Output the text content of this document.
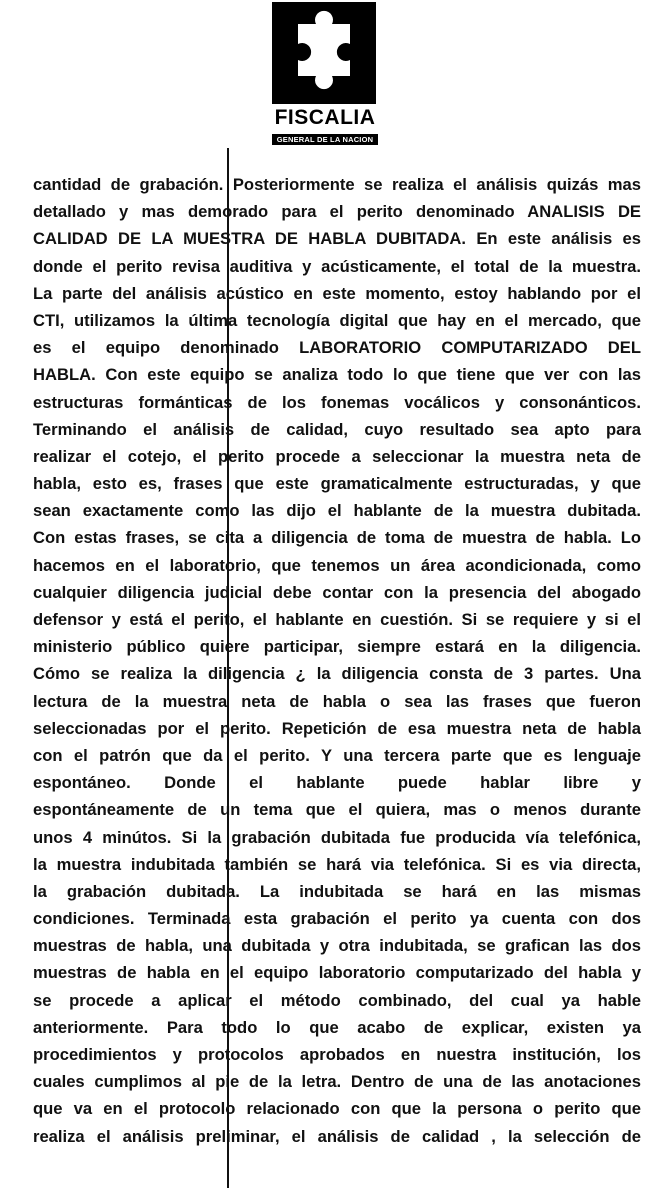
FISCALIA
GENERAL DE LA NACION
cantidad de grabación. Posteriormente se realiza el análisis quizás mas
detallado y mas demorado para el perito denominado ANALISIS DE
CALIDAD DE LA MUESTRA DE HABLA DUBITADA. En este análisis es
donde el perito revisa auditiva y acústicamente, el total de la muestra.
La parte del análisis acústico en este momento, estoy hablando por el
CTI, utilizamos la última tecnología digital que hay en el mercado, que
es el equipo denominado LABORATORIO COMPUTARIZADO DEL
HABLA. Con este equipo se analiza todo lo que tiene que ver con las
estructuras formánticas de los fonemas vocálicos y consonánticos.
Terminando el análisis de calidad, cuyo resultado sea apto para
realizar el cotejo, el perito procede a seleccionar la muestra neta de
habla, esto es, frases que este gramaticalmente estructuradas, y que
sean exactamente como las dijo el hablante de la muestra dubitada.
Con estas frases, se cita a diligencia de toma de muestra de habla. Lo
hacemos en el laboratorio, que tenemos un área acondicionada, como
cualquier diligencia judicial debe contar con la presencia del abogado
defensor y está el perito, el hablante en cuestión. Si se requiere y si el
ministerio público quiere participar, siempre estará en la diligencia.
Cómo se realiza la diligencia ¿ la diligencia consta de 3 partes. Una
lectura de la muestra neta de habla o sea las frases que fueron
seleccionadas por el perito. Repetición de esa muestra neta de habla
con el patrón que da el perito. Y una tercera parte que es lenguaje
espontáneo. Donde el hablante puede hablar libre y
espontáneamente de un tema que el quiera, mas o menos durante
unos 4 minútos. Si la grabación dubitada fue producida vía telefónica,
la muestra indubitada también se hará via telefónica. Si es via directa,
la grabación dubitada. La indubitada se hará en las mismas
condiciones. Terminada esta grabación el perito ya cuenta con dos
muestras de habla, una dubitada y otra indubitada, se grafican las dos
muestras de habla en el equipo laboratorio computarizado del habla y
se procede a aplicar el método combinado, del cual ya hable
anteriormente. Para todo lo que acabo de explicar, existen ya
procedimientos y protocolos aprobados en nuestra institución, los
cuales cumplimos al pie de la letra. Dentro de una de las anotaciones
que va en el protocolo relacionado con que la persona o perito que
realiza el análisis preliminar, el análisis de calidad , la selección de
